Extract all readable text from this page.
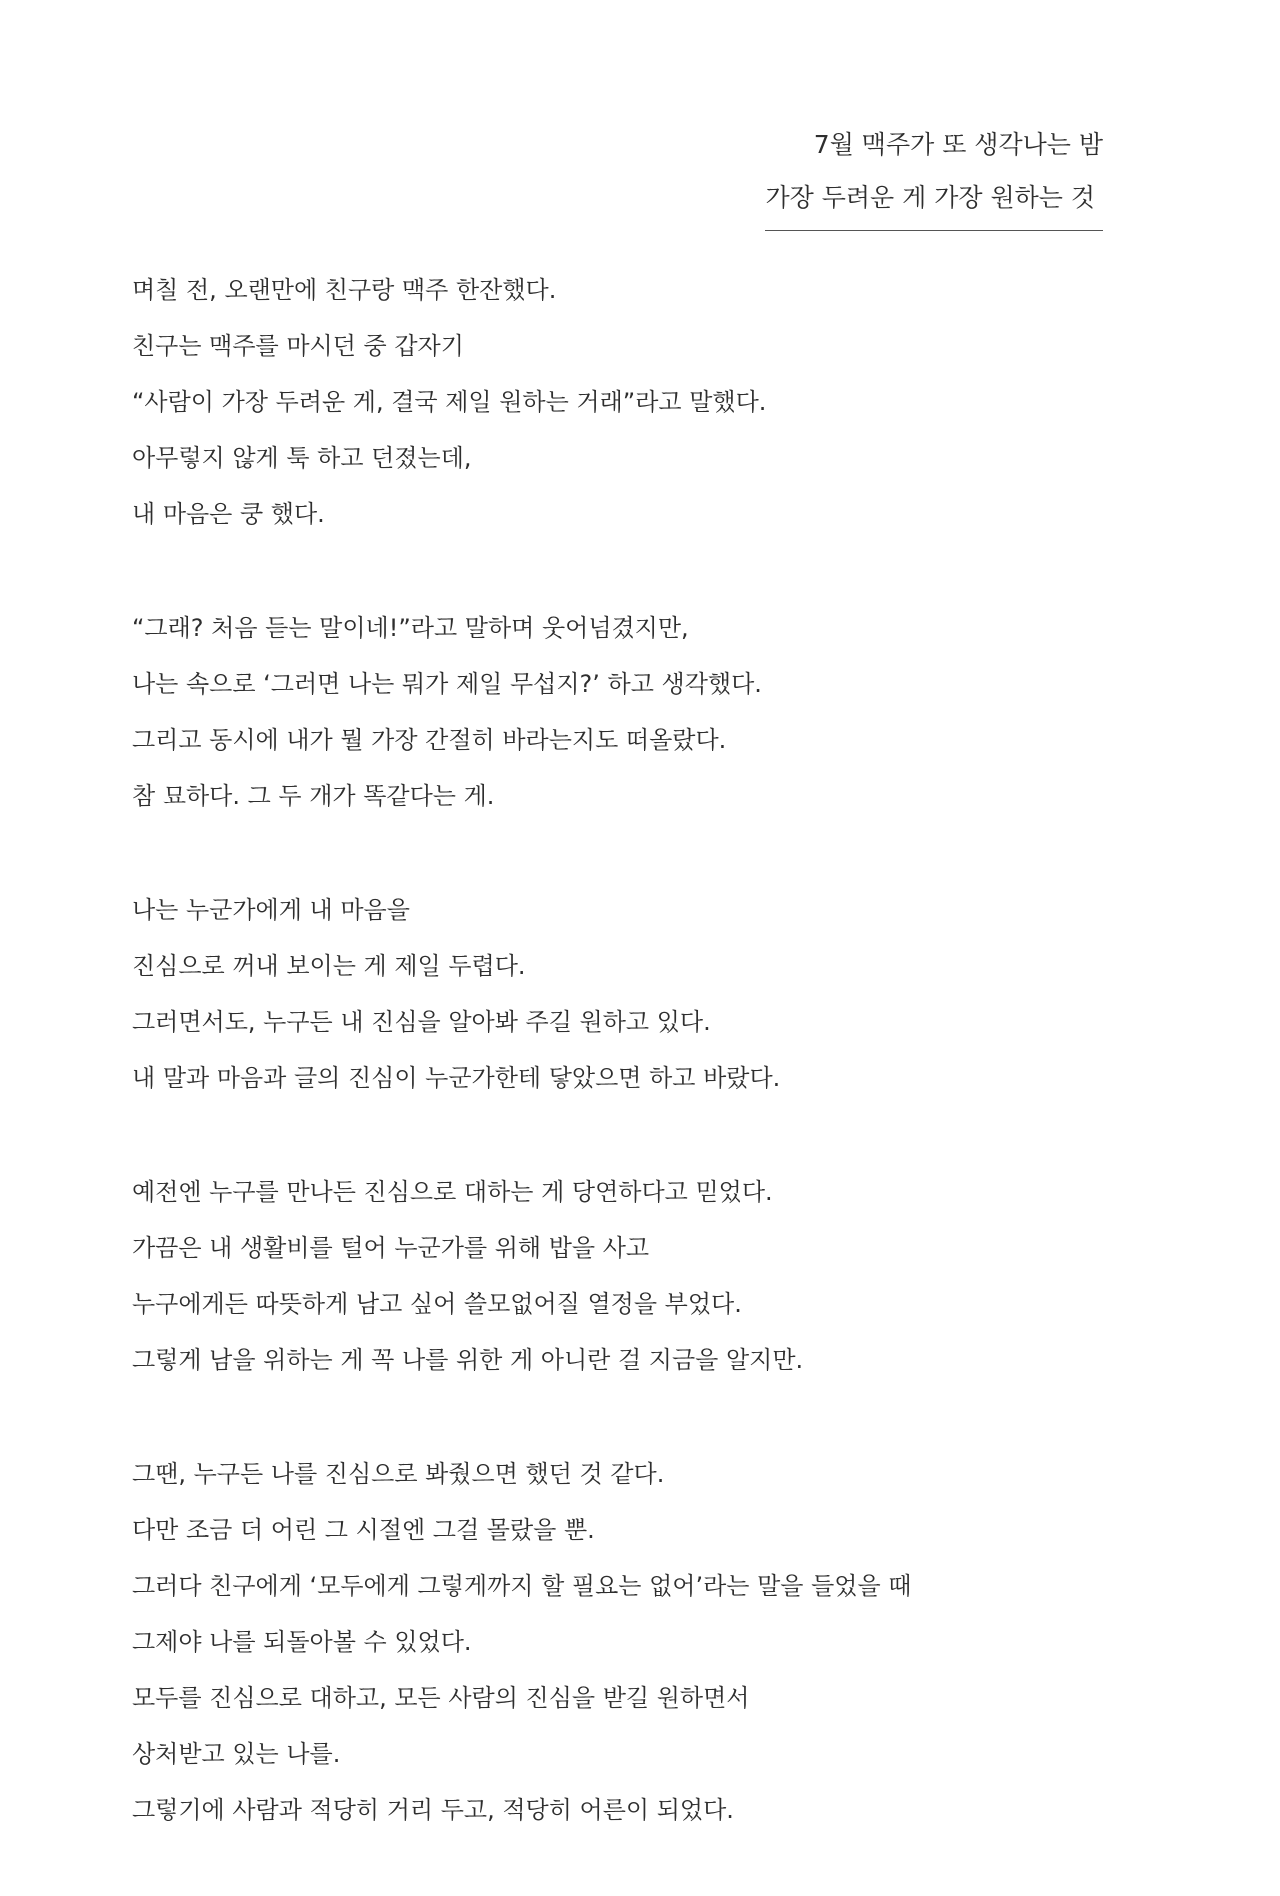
7월 맥주가 또 생각나는 밤
가장 두려운 게 가장 원하는 것
며칠 전, 오랜만에 친구랑 맥주 한잔했다.
친구는 맥주를 마시던 중 갑자기
“사람이 가장 두려운 게, 결국 제일 원하는 거래”라고 말했다.
아무렇지 않게 툭 하고 던졌는데,
내 마음은 쿵 했다.
“그래? 처음 듣는 말이네!”라고 말하며 웃어넘겼지만,
나는 속으로 ‘그러면 나는 뭐가 제일 무섭지?’ 하고 생각했다.
그리고 동시에 내가 뭘 가장 간절히 바라는지도 떠올랐다.
참 묘하다. 그 두 개가 똑같다는 게.
나는 누군가에게 내 마음을
진심으로 꺼내 보이는 게 제일 두렵다.
그러면서도, 누구든 내 진심을 알아봐 주길 원하고 있다.
내 말과 마음과 글의 진심이 누군가한테 닿았으면 하고 바랐다.
예전엔 누구를 만나든 진심으로 대하는 게 당연하다고 믿었다.
가끔은 내 생활비를 털어 누군가를 위해 밥을 사고
누구에게든 따뜻하게 남고 싶어 쓸모없어질 열정을 부었다.
그렇게 남을 위하는 게 꼭 나를 위한 게 아니란 걸 지금을 알지만.
그땐, 누구든 나를 진심으로 봐줬으면 했던 것 같다.
다만 조금 더 어린 그 시절엔 그걸 몰랐을 뿐.
그러다 친구에게 ‘모두에게 그렇게까지 할 필요는 없어’라는 말을 들었을 때
그제야 나를 되돌아볼 수 있었다.
모두를 진심으로 대하고, 모든 사람의 진심을 받길 원하면서
상처받고 있는 나를.
그렇기에 사람과 적당히 거리 두고, 적당히 어른이 되었다.
